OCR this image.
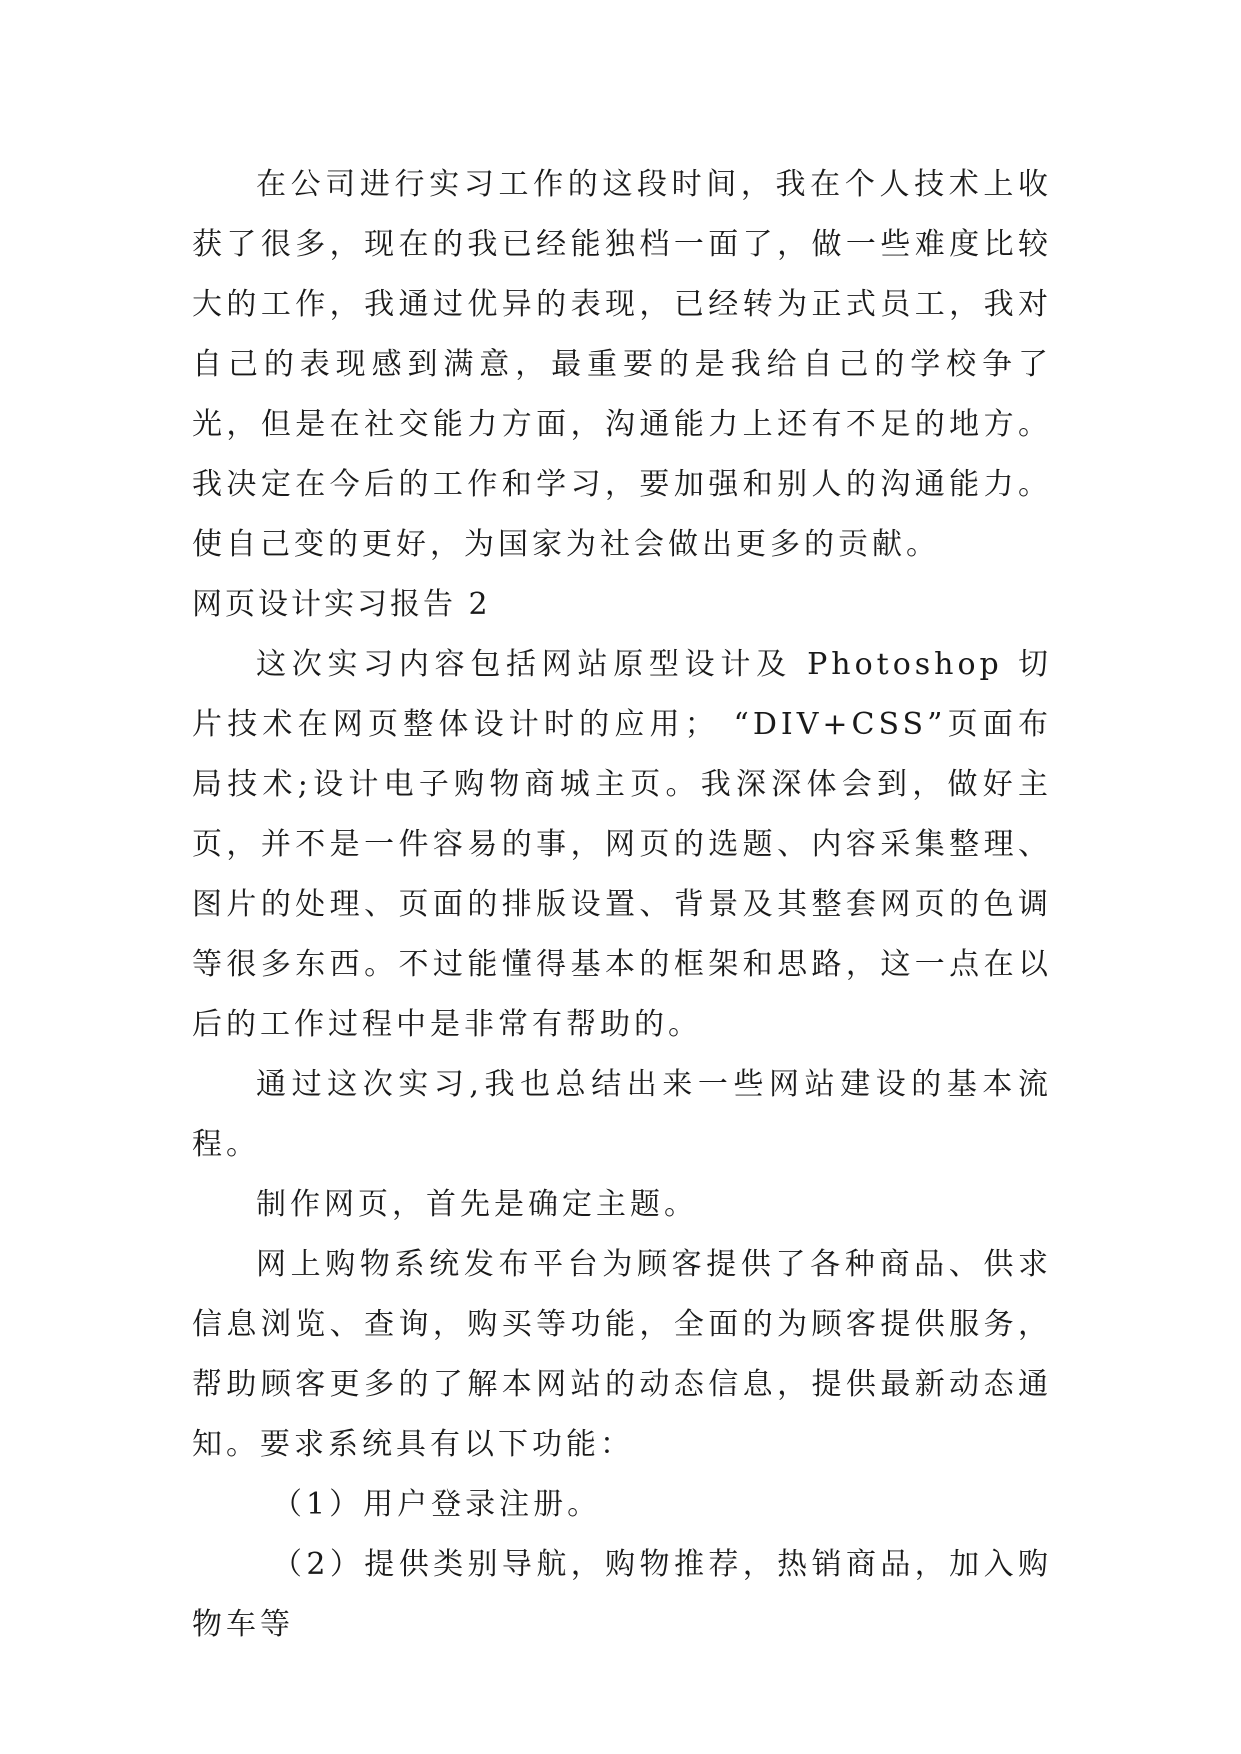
在公司进行实习工作的这段时间，我在个人技术上收获了很多，现在的我已经能独档一面了，做一些难度比较大的工作，我通过优异的表现，已经转为正式员工，我对自己的表现感到满意，最重要的是我给自己的学校争了光，但是在社交能力方面，沟通能力上还有不足的地方。我决定在今后的工作和学习，要加强和别人的沟通能力。使自己变的更好，为国家为社会做出更多的贡献。

网页设计实习报告 2

这次实习内容包括网站原型设计及 Photoshop 切片技术在网页整体设计时的应用； “DIV+CSS”页面布局技术;设计电子购物商城主页。我深深体会到，做好主页，并不是一件容易的事，网页的选题、内容采集整理、图片的处理、页面的排版设置、背景及其整套网页的色调等很多东西。不过能懂得基本的框架和思路，这一点在以后的工作过程中是非常有帮助的。

通过这次实习,我也总结出来一些网站建设的基本流程。

制作网页，首先是确定主题。

网上购物系统发布平台为顾客提供了各种商品、供求信息浏览、查询，购买等功能，全面的为顾客提供服务，帮助顾客更多的了解本网站的动态信息，提供最新动态通知。要求系统具有以下功能：

（1）用户登录注册。

（2）提供类别导航，购物推荐，热销商品，加入购物车等
